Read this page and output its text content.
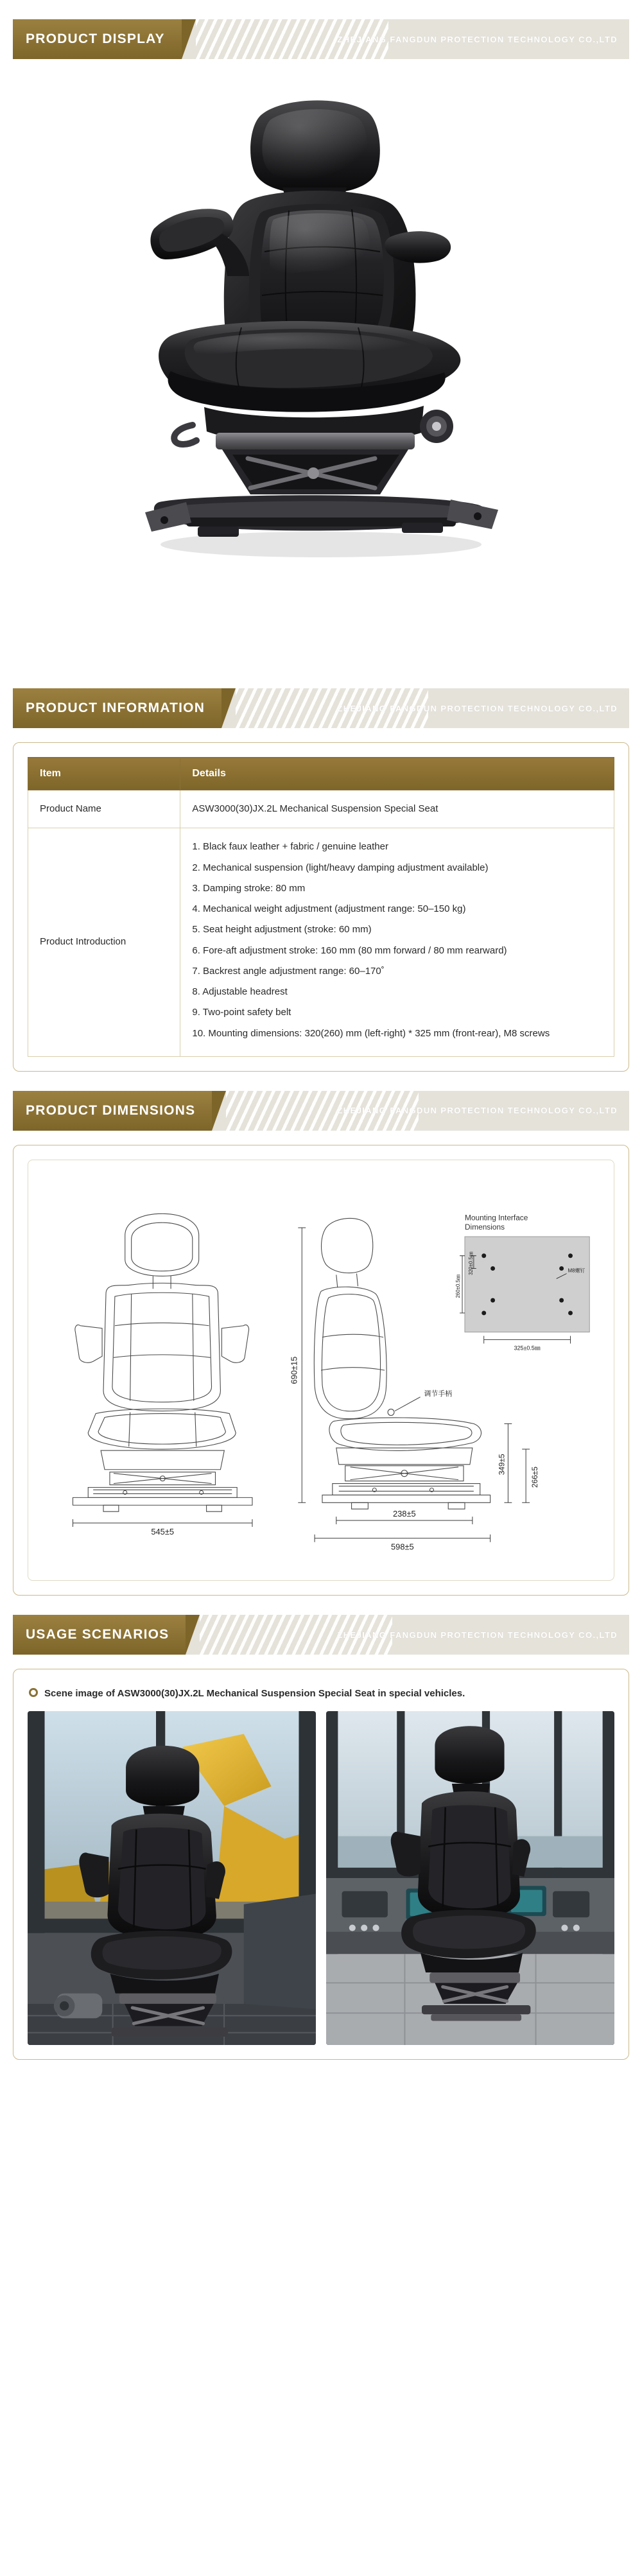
PRODUCT DISPLAY	ZHEJIANG FANGDUN PROTECTION TECHNOLOGY CO.,LTD
PRODUCT INFORMATION	ZHEJIANG FANGDUN PROTECTION TECHNOLOGY CO.,LTD
Item	Details
Product Name	ASW3000(30)JX.2L Mechanical Suspension Special Seat
Product Introduction	
1. Black faux leather + fabric / genuine leather
2. Mechanical suspension (light/heavy damping adjustment available)
3. Damping stroke: 80 mm
4. Mechanical weight adjustment (adjustment range: 50–150 kg)
5. Seat height adjustment (stroke: 60 mm)
6. Fore-aft adjustment stroke: 160 mm (80 mm forward / 80 mm rearward)
7. Backrest angle adjustment range: 60–170˚
8. Adjustable headrest
9. Two-point safety belt
10. Mounting dimensions: 320(260) mm (left-right) * 325 mm (front-rear), M8 screws
PRODUCT DIMENSIONS	ZHEJIANG FANGDUN PROTECTION TECHNOLOGY CO.,LTD
545±5
调节手柄
690±15
238±5
598±5
349±5
266±5
Mounting Interface
Dimensions
320±0.5㎜
260±0.5㎜
325±0.5㎜
M8螺钉
USAGE SCENARIOS	ZHEJIANG FANGDUN PROTECTION TECHNOLOGY CO.,LTD
Scene image of ASW3000(30)JX.2L Mechanical Suspension Special Seat in special vehicles.
